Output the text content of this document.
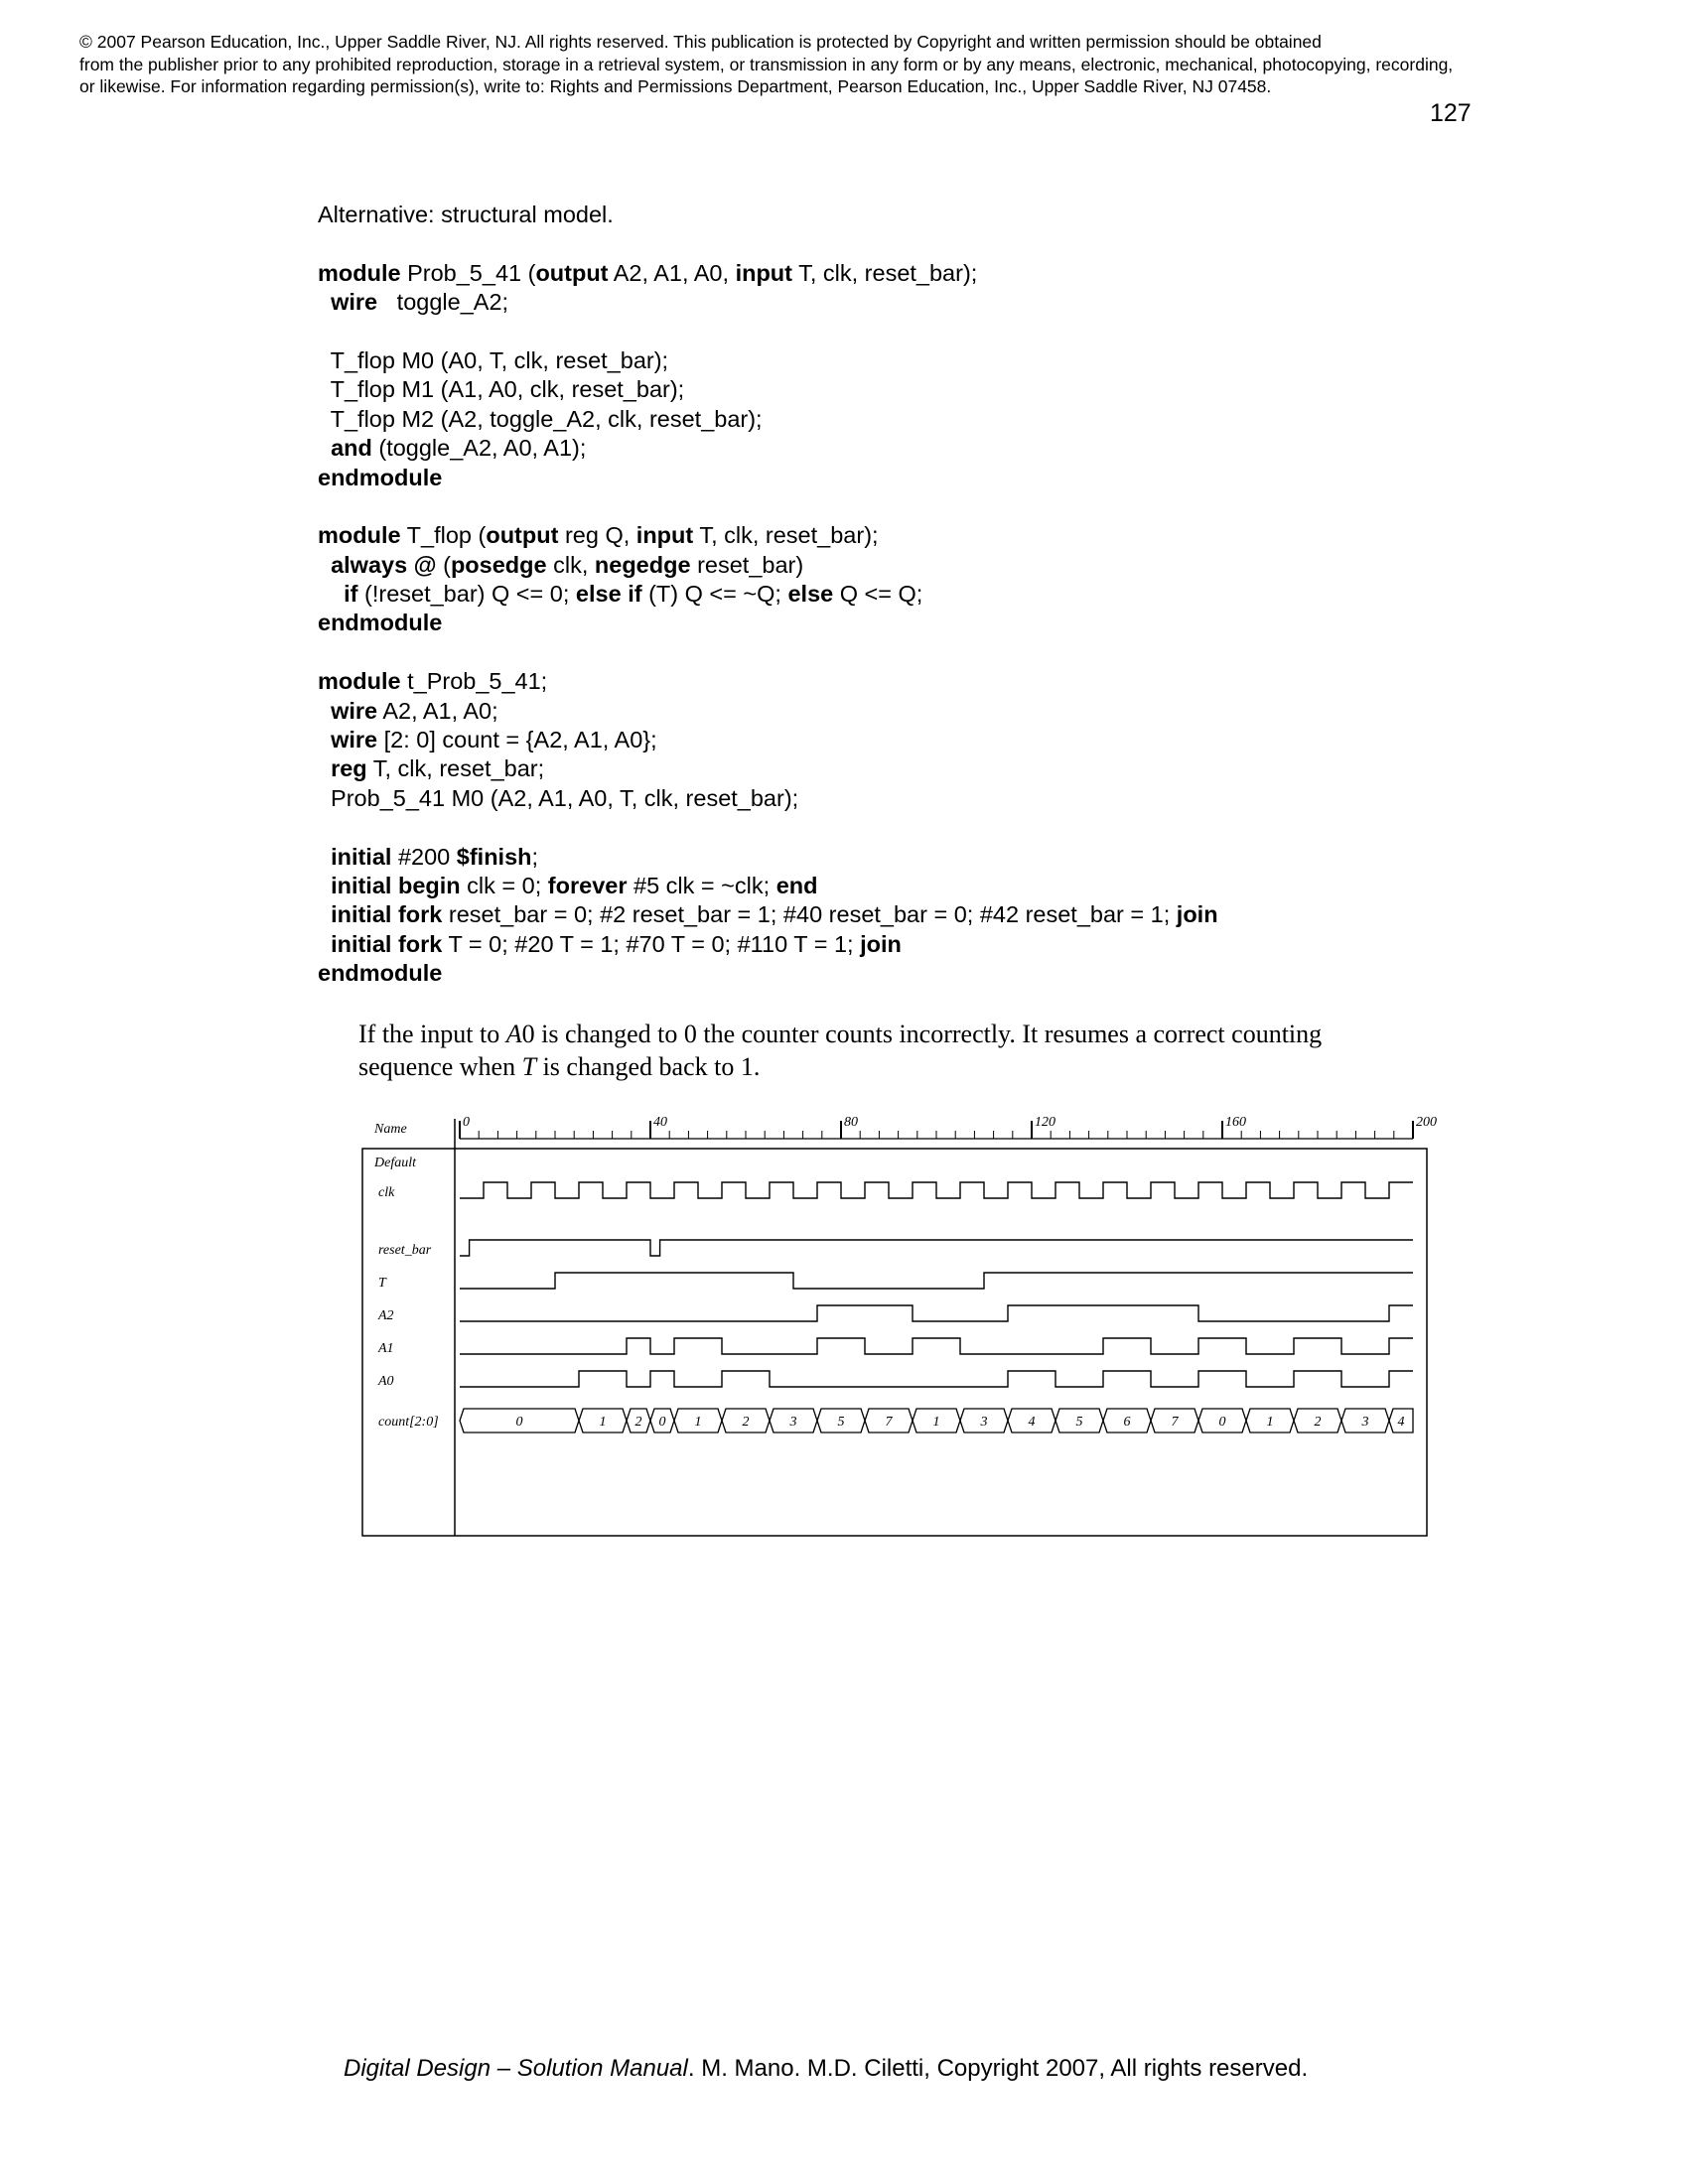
© 2007 Pearson Education, Inc., Upper Saddle River, NJ. All rights reserved. This publication is protected by Copyright and written permission should be obtained
from the publisher prior to any prohibited reproduction, storage in a retrieval system, or transmission in any form or by any means, electronic, mechanical, photocopying, recording,
or likewise. For information regarding permission(s), write to: Rights and Permissions Department, Pearson Education, Inc., Upper Saddle River, NJ 07458.
127
Alternative: structural model.
module Prob_5_41 (output A2, A1, A0, input T, clk, reset_bar);
wire   toggle_A2;
T_flop M0 (A0, T, clk, reset_bar);
T_flop M1 (A1, A0, clk, reset_bar);
T_flop M2 (A2, toggle_A2, clk, reset_bar);
and (toggle_A2, A0, A1);
endmodule
module T_flop (output reg Q, input T, clk, reset_bar);
always @ (posedge clk, negedge reset_bar)
if (!reset_bar) Q <= 0; else if (T) Q <= ~Q; else Q <= Q;
endmodule
module t_Prob_5_41;
wire A2, A1, A0;
wire [2: 0] count = {A2, A1, A0};
reg T, clk, reset_bar;
Prob_5_41 M0 (A2, A1, A0, T, clk, reset_bar);
initial #200 $finish;
initial begin clk = 0; forever #5 clk = ~clk; end
initial fork reset_bar = 0; #2 reset_bar = 1; #40 reset_bar = 0; #42 reset_bar = 1; join
initial fork T = 0; #20 T = 1; #70 T = 0; #110 T = 1; join
endmodule
If the input to A0 is changed to 0 the counter counts incorrectly. It resumes a correct counting
sequence when T is changed back to 1.
Name
Default
0	40	80	120	160	200
clk
reset_bar
T
A2
A1
A0
count[2:0]	0	1 2 0 1	2	3	5	7	1	3	4	5	6	7	0	1	2	3 4
Digital Design – Solution Manual. M. Mano. M.D. Ciletti, Copyright 2007, All rights reserved.
